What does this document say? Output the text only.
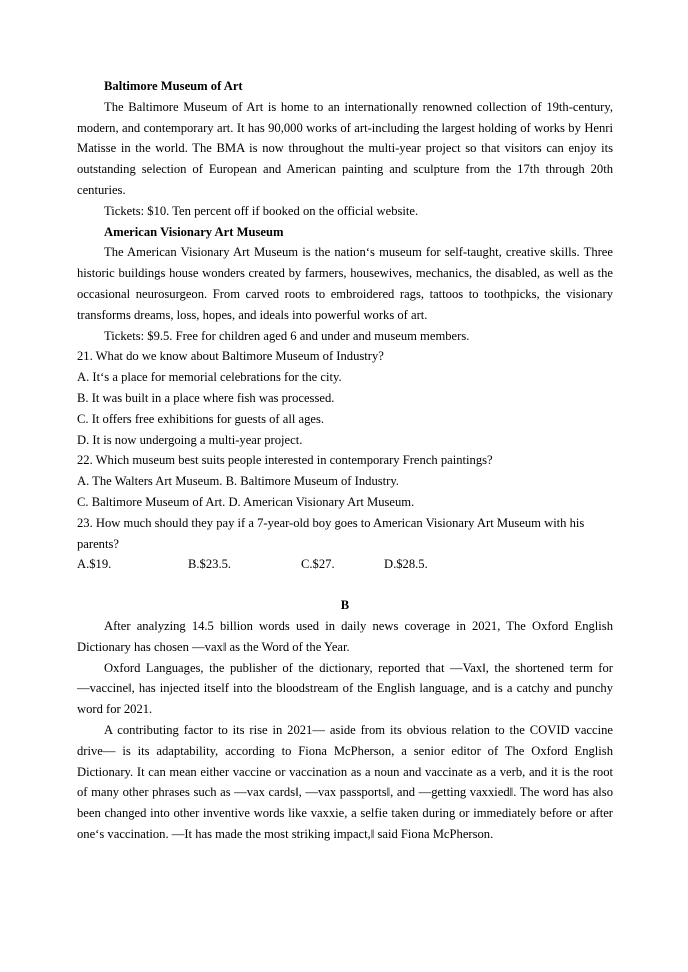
Baltimore Museum of Art

The Baltimore Museum of Art is home to an internationally renowned collection of 19th-century, modern, and contemporary art. It has 90,000 works of art-including the largest holding of works by Henri Matisse in the world. The BMA is now throughout the multi-year project so that visitors can enjoy its outstanding selection of European and American painting and sculpture from the 17th through 20th centuries.

Tickets: $10. Ten percent off if booked on the official website.

American Visionary Art Museum

The American Visionary Art Museum is the nation‘s museum for self-taught, creative skills. Three historic buildings house wonders created by farmers, housewives, mechanics, the disabled, as well as the occasional neurosurgeon. From carved roots to embroidered rags, tattoos to toothpicks, the visionary transforms dreams, loss, hopes, and ideals into powerful works of art.

Tickets: $9.5. Free for children aged 6 and under and museum members.

21. What do we know about Baltimore Museum of Industry?

A. It‘s a place for memorial celebrations for the city.

B. It was built in a place where fish was processed.

C. It offers free exhibitions for guests of all ages.

D. It is now undergoing a multi-year project.

22. Which museum best suits people interested in contemporary French paintings?

A. The Walters Art Museum. B. Baltimore Museum of Industry.

C. Baltimore Museum of Art. D. American Visionary Art Museum.

23. How much should they pay if a 7-year-old boy goes to American Visionary Art Museum with his parents?

A.$19.	B.$23.5.	C.$27.	D.$28.5.

B

After analyzing 14.5 billion words used in daily news coverage in 2021, The Oxford English Dictionary has chosen ―vax‖ as the Word of the Year.

Oxford Languages, the publisher of the dictionary, reported that ―Vax‖, the shortened term for ―vaccine‖, has injected itself into the bloodstream of the English language, and is a catchy and punchy word for 2021.

A contributing factor to its rise in 2021― aside from its obvious relation to the COVID vaccine drive― is its adaptability, according to Fiona McPherson, a senior editor of The Oxford English Dictionary. It can mean either vaccine or vaccination as a noun and vaccinate as a verb, and it is the root of many other phrases such as ―vax cards‖, ―vax passports‖, and ―getting vaxxied‖. The word has also been changed into other inventive words like vaxxie, a selfie taken during or immediately before or after one‘s vaccination. ―It has made the most striking impact,‖ said Fiona McPherson.
